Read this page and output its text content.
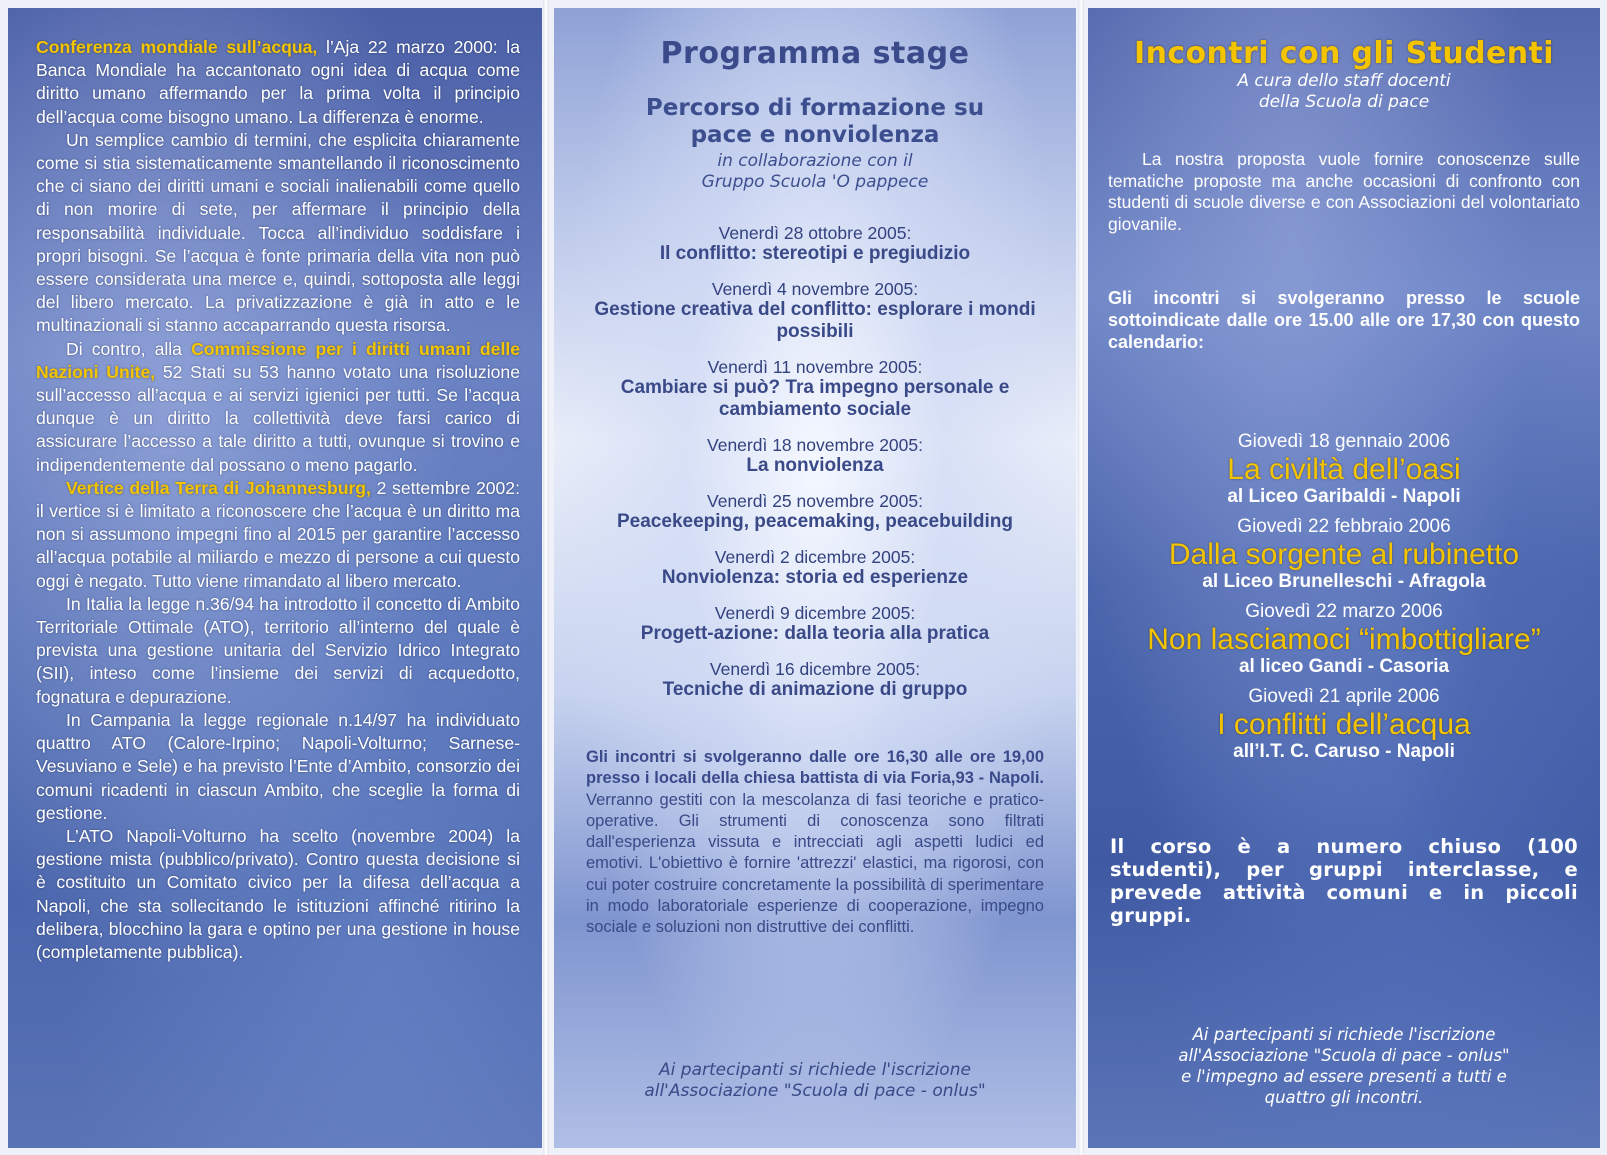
Conferenza mondiale sull’acqua, l’Aja 22 marzo 2000: la Banca Mondiale ha accantonato ogni idea di acqua come diritto umano affermando per la prima volta il principio dell’acqua come bisogno umano. La differenza è enorme.

Un semplice cambio di termini, che esplicita chiaramente come si stia sistematicamente smantellando il riconoscimento che ci siano dei diritti umani e sociali inalienabili come quello di non morire di sete, per affermare il principio della responsabilità individuale. Tocca all’individuo soddisfare i propri bisogni. Se l’acqua è fonte primaria della vita non può essere considerata una merce e, quindi, sottoposta alle leggi del libero mercato. La privatizzazione è già in atto e le multinazionali si stanno accaparrando questa risorsa.

Di contro, alla Commissione per i diritti umani delle Nazioni Unite, 52 Stati su 53 hanno votato una risoluzione sull’accesso all’acqua e ai servizi igienici per tutti. Se l’acqua dunque è un diritto la collettività deve farsi carico di assicurare l’accesso a tale diritto a tutti, ovunque si trovino e indipendentemente dal possano o meno pagarlo.

Vertice della Terra di Johannesburg, 2 settembre 2002: il vertice si è limitato a riconoscere che l’acqua è un diritto ma non si assumono impegni fino al 2015 per garantire l’accesso all’acqua potabile al miliardo e mezzo di persone a cui questo oggi è negato. Tutto viene rimandato al libero mercato.

In Italia la legge n.36/94 ha introdotto il concetto di Ambito Territoriale Ottimale (ATO), territorio all’interno del quale è prevista una gestione unitaria del Servizio Idrico Integrato (SII), inteso come l’insieme dei servizi di acquedotto, fognatura e depurazione.

In Campania la legge regionale n.14/97 ha individuato quattro ATO (Calore-Irpino; Napoli-Volturno; Sarnese-Vesuviano e Sele) e ha previsto l’Ente d’Ambito, consorzio dei comuni ricadenti in ciascun Ambito, che sceglie la forma di gestione.

L’ATO Napoli-Volturno ha scelto (novembre 2004) la gestione mista (pubblico/privato). Contro questa decisione si è costituito un Comitato civico per la difesa dell’acqua a Napoli, che sta sollecitando le istituzioni affinché ritirino la delibera, blocchino la gara e optino per una gestione in house (completamente pubblica).

Programma stage

Percorso di formazione su

pace e nonviolenza

in collaborazione con il

Gruppo Scuola 'O pappece

Venerdì 28 ottobre 2005:
Il conflitto: stereotipi e pregiudizio
Venerdì 4 novembre 2005:
Gestione creativa del conflitto: esplorare i mondi possibili
Venerdì 11 novembre 2005:
Cambiare si può? Tra impegno personale e cambiamento sociale
Venerdì 18 novembre 2005:
La nonviolenza
Venerdì 25 novembre 2005:
Peacekeeping, peacemaking, peacebuilding
Venerdì 2 dicembre 2005:
Nonviolenza: storia ed esperienze
Venerdì 9 dicembre 2005:
Progett-azione: dalla teoria alla pratica
Venerdì 16 dicembre 2005:
Tecniche di animazione di gruppo

Gli incontri si svolgeranno dalle ore 16,30 alle ore 19,00 presso i locali della chiesa battista di via Foria,93 - Napoli. Verranno gestiti con la mescolanza di fasi teoriche e pratico-operative. Gli strumenti di conoscenza sono filtrati dall'esperienza vissuta e intrecciati agli aspetti ludici ed emotivi. L'obiettivo è fornire 'attrezzi' elastici, ma rigorosi, con cui poter costruire concretamente la possibilità di sperimentare in modo laboratoriale esperienze di cooperazione, impegno sociale e soluzioni non distruttive dei conflitti.

Ai partecipanti si richiede l'iscrizione
all'Associazione "Scuola di pace - onlus"
Incontri con gli Studenti

A cura dello staff docenti

della Scuola di pace

La nostra proposta vuole fornire conoscenze sulle tematiche proposte ma anche occasioni di confronto con studenti di scuole diverse e con Associazioni del volontariato giovanile.

Gli incontri si svolgeranno presso le scuole sottoindicate dalle ore 15.00 alle ore 17,30 con questo calendario:

Giovedì 18 gennaio 2006
La civiltà dell’oasi
al Liceo Garibaldi - Napoli
Giovedì 22 febbraio 2006
Dalla sorgente al rubinetto
al Liceo Brunelleschi - Afragola
Giovedì 22 marzo 2006
Non lasciamoci “imbottigliare”
al liceo Gandi - Casoria
Giovedì 21 aprile 2006
I conflitti dell’acqua
all’I.T. C. Caruso - Napoli

Il corso è a numero chiuso (100 studenti), per gruppi interclasse, e prevede attività comuni e in piccoli gruppi.

Ai partecipanti si richiede l'iscrizione
all'Associazione "Scuola di pace - onlus"
e l'impegno ad essere presenti a tutti e
quattro gli incontri.
